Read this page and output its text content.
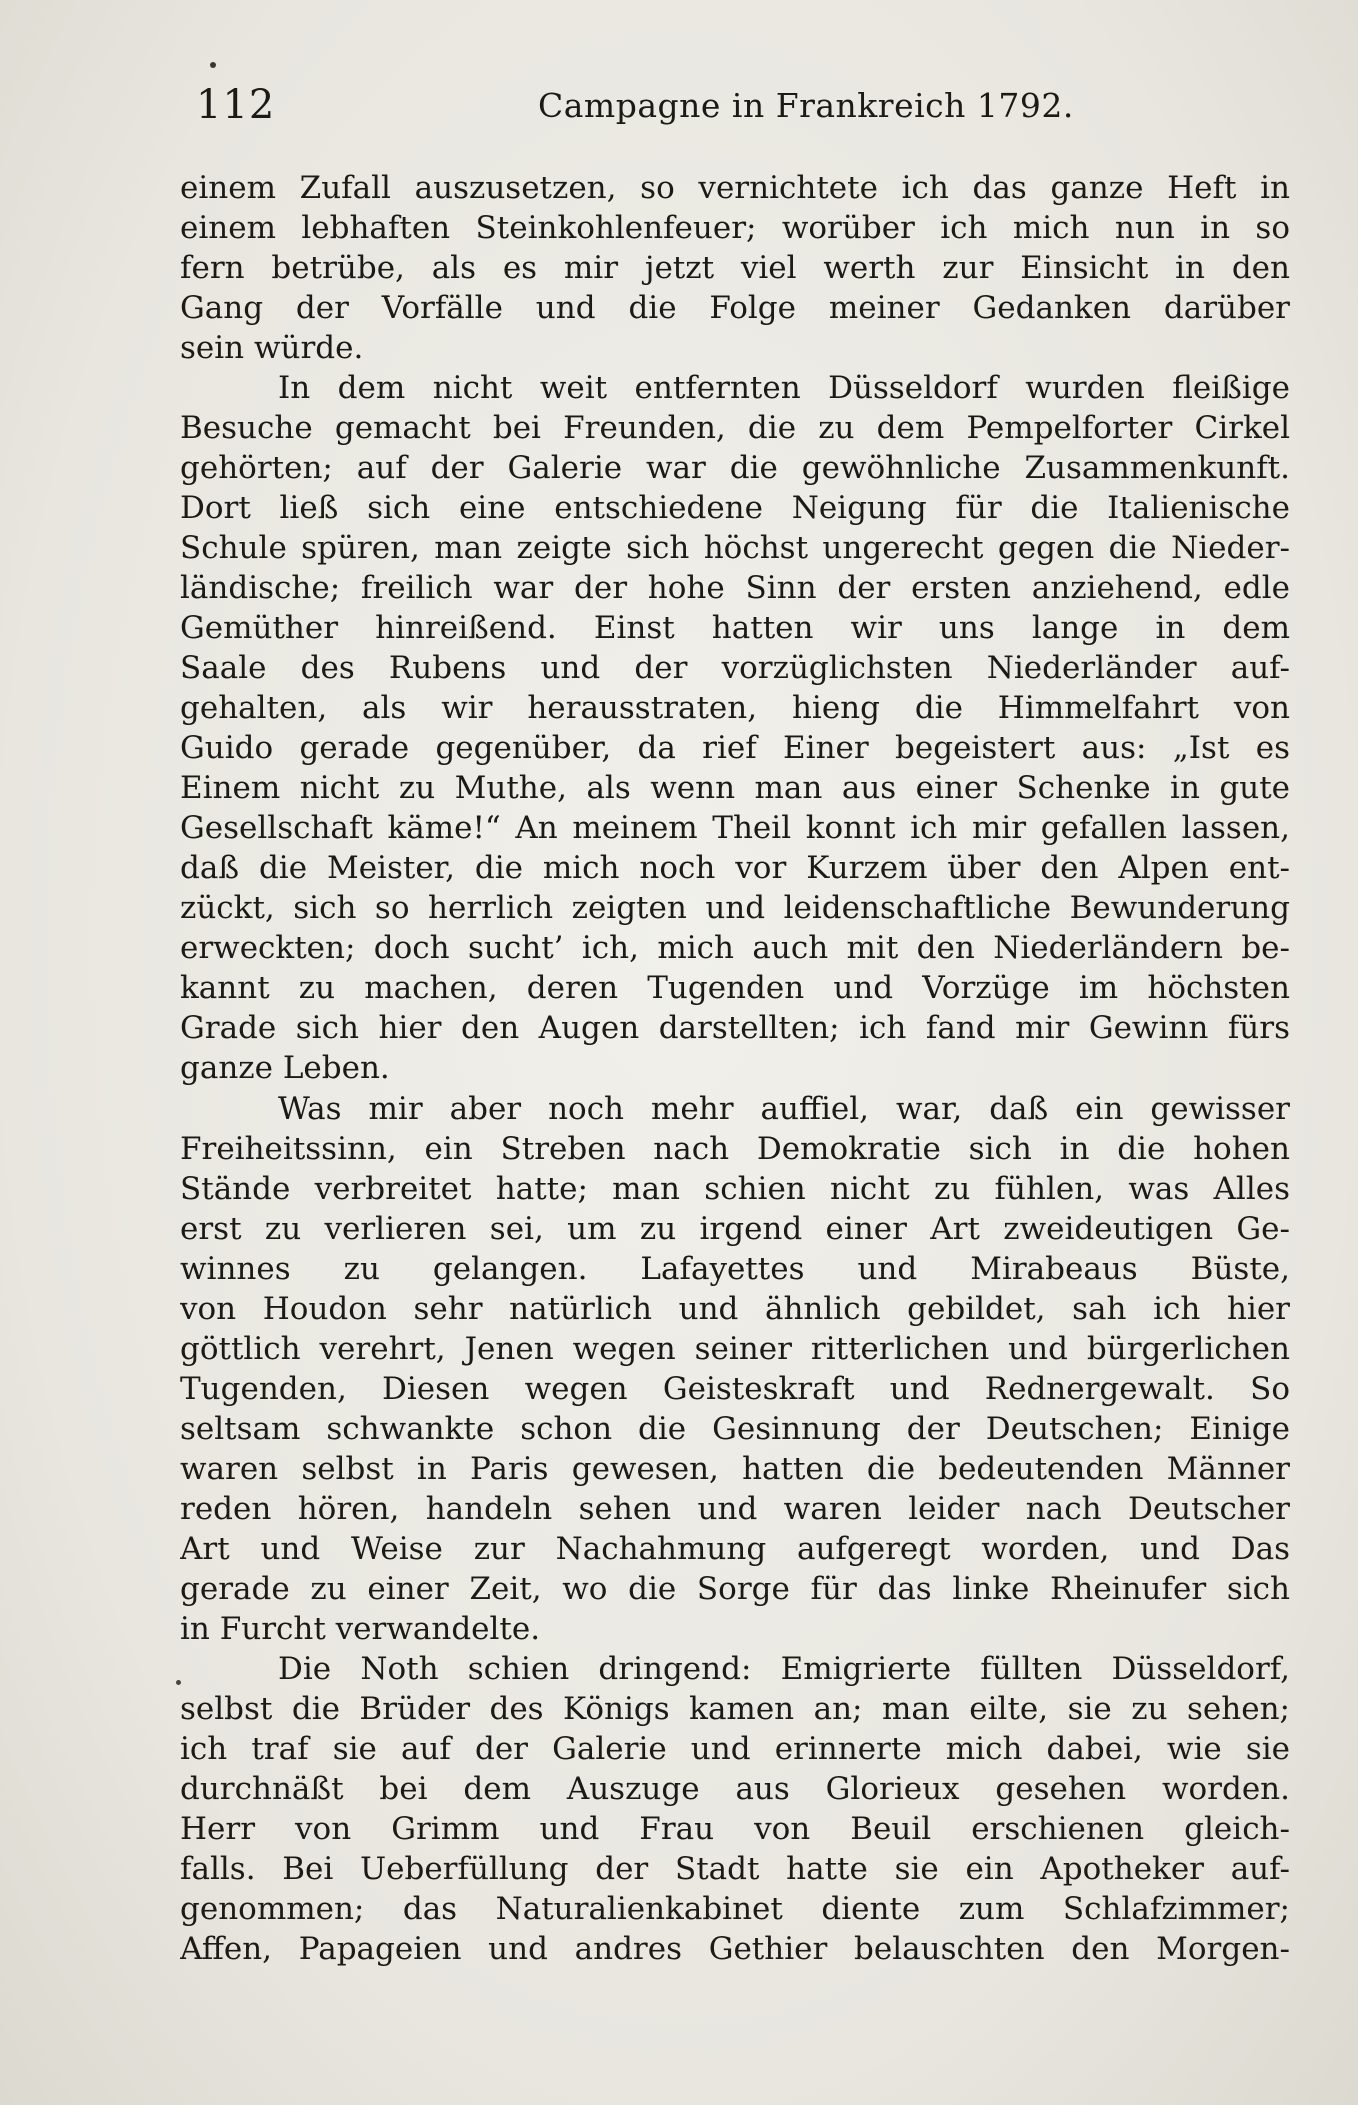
112	Campagne in Frankreich 1792.
einem Zufall auszusetzen, so vernichtete ich das ganze Heft in
einem lebhaften Steinkohlenfeuer; worüber ich mich nun in so
fern betrübe, als es mir jetzt viel werth zur Einsicht in den
Gang der Vorfälle und die Folge meiner Gedanken darüber
sein würde.
In dem nicht weit entfernten Düsseldorf wurden fleißige
Besuche gemacht bei Freunden, die zu dem Pempelforter Cirkel
gehörten; auf der Galerie war die gewöhnliche Zusammenkunft.
Dort ließ sich eine entschiedene Neigung für die Italienische
Schule spüren, man zeigte sich höchst ungerecht gegen die Nieder-
ländische; freilich war der hohe Sinn der ersten anziehend, edle
Gemüther hinreißend. Einst hatten wir uns lange in dem
Saale des Rubens und der vorzüglichsten Niederländer auf-
gehalten, als wir herausstraten, hieng die Himmelfahrt von
Guido gerade gegenüber, da rief Einer begeistert aus: „Ist es
Einem nicht zu Muthe, als wenn man aus einer Schenke in gute
Gesellschaft käme!“ An meinem Theil konnt ich mir gefallen lassen,
daß die Meister, die mich noch vor Kurzem über den Alpen ent-
zückt, sich so herrlich zeigten und leidenschaftliche Bewunderung
erweckten; doch sucht’ ich, mich auch mit den Niederländern be-
kannt zu machen, deren Tugenden und Vorzüge im höchsten
Grade sich hier den Augen darstellten; ich fand mir Gewinn fürs
ganze Leben.
Was mir aber noch mehr auffiel, war, daß ein gewisser
Freiheitssinn, ein Streben nach Demokratie sich in die hohen
Stände verbreitet hatte; man schien nicht zu fühlen, was Alles
erst zu verlieren sei, um zu irgend einer Art zweideutigen Ge-
winnes zu gelangen. Lafayettes und Mirabeaus Büste,
von Houdon sehr natürlich und ähnlich gebildet, sah ich hier
göttlich verehrt, Jenen wegen seiner ritterlichen und bürgerlichen
Tugenden, Diesen wegen Geisteskraft und Rednergewalt. So
seltsam schwankte schon die Gesinnung der Deutschen; Einige
waren selbst in Paris gewesen, hatten die bedeutenden Männer
reden hören, handeln sehen und waren leider nach Deutscher
Art und Weise zur Nachahmung aufgeregt worden, und Das
gerade zu einer Zeit, wo die Sorge für das linke Rheinufer sich
in Furcht verwandelte.
Die Noth schien dringend: Emigrierte füllten Düsseldorf,
selbst die Brüder des Königs kamen an; man eilte, sie zu sehen;
ich traf sie auf der Galerie und erinnerte mich dabei, wie sie
durchnäßt bei dem Auszuge aus Glorieux gesehen worden.
Herr von Grimm und Frau von Beuil erschienen gleich-
falls. Bei Ueberfüllung der Stadt hatte sie ein Apotheker auf-
genommen; das Naturalienkabinet diente zum Schlafzimmer;
Affen, Papageien und andres Gethier belauschten den Morgen-
